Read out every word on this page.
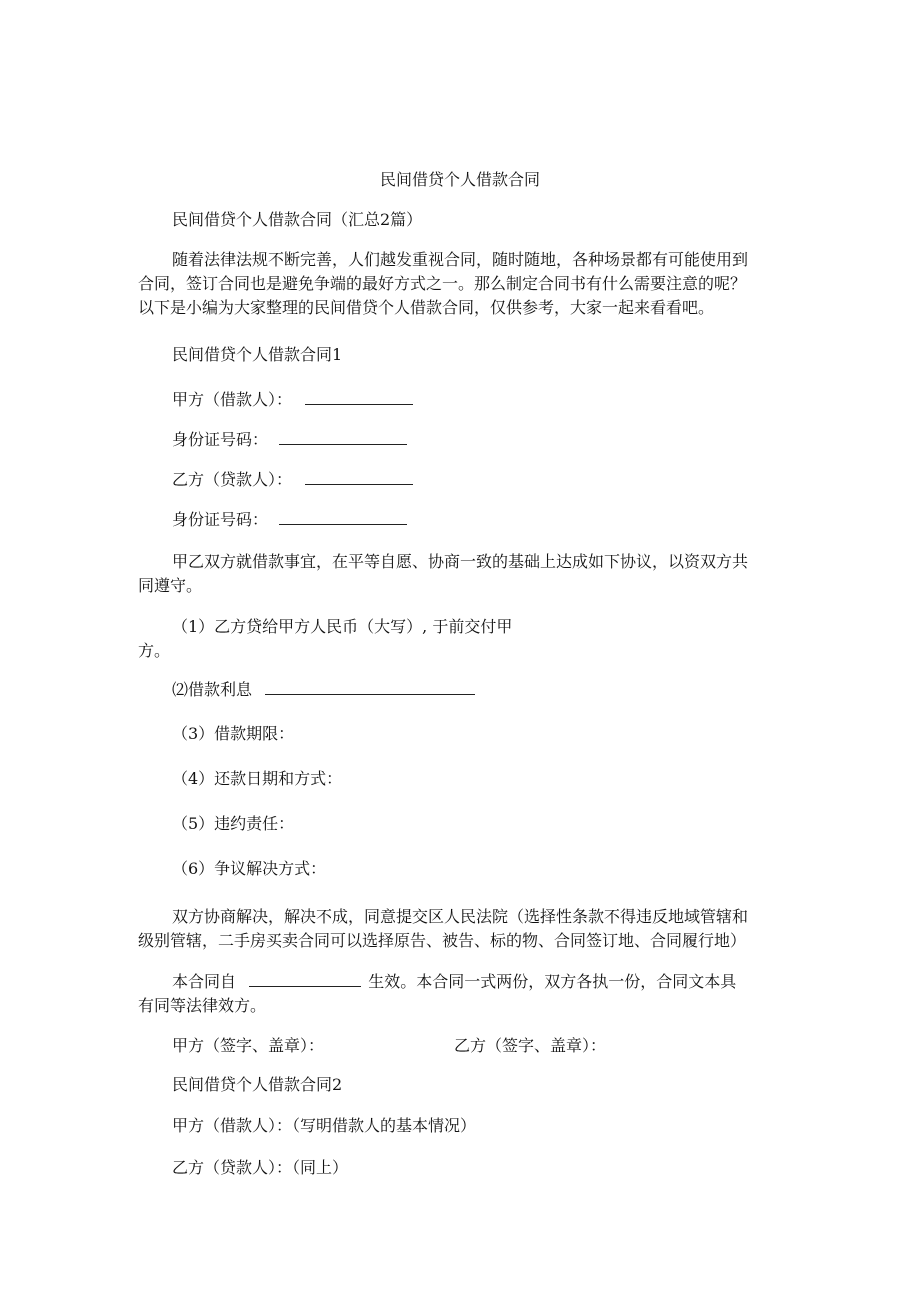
民间借贷个人借款合同
民间借贷个人借款合同（汇总2篇）
随着法律法规不断完善，人们越发重视合同，随时随地，各种场景都有可能使用到
合同，签订合同也是避免争端的最好方式之一。那么制定合同书有什么需要注意的呢？
以下是小编为大家整理的民间借贷个人借款合同，仅供参考，大家一起来看看吧。
民间借贷个人借款合同1
甲方（借款人）：
身份证号码：
乙方（贷款人）：
身份证号码：
甲乙双方就借款事宜，在平等自愿、协商一致的基础上达成如下协议，以资双方共
同遵守。
（1）乙方贷给甲方人民币（大写）, 于前交付甲
方。
⑵借款利息
（3）借款期限：
（4）还款日期和方式：
（5）违约责任：
（6）争议解决方式：
双方协商解决，解决不成，同意提交区人民法院（选择性条款不得违反地域管辖和
级别管辖，二手房买卖合同可以选择原告、被告、标的物、合同签订地、合同履行地）
本合同自	生效。本合同一式两份，双方各执一份，合同文本具
有同等法律效方。
甲方（签字、盖章）：	乙方（签字、盖章）：
民间借贷个人借款合同2
甲方（借款人）：（写明借款人的基本情况）
乙方（贷款人）：（同上）
